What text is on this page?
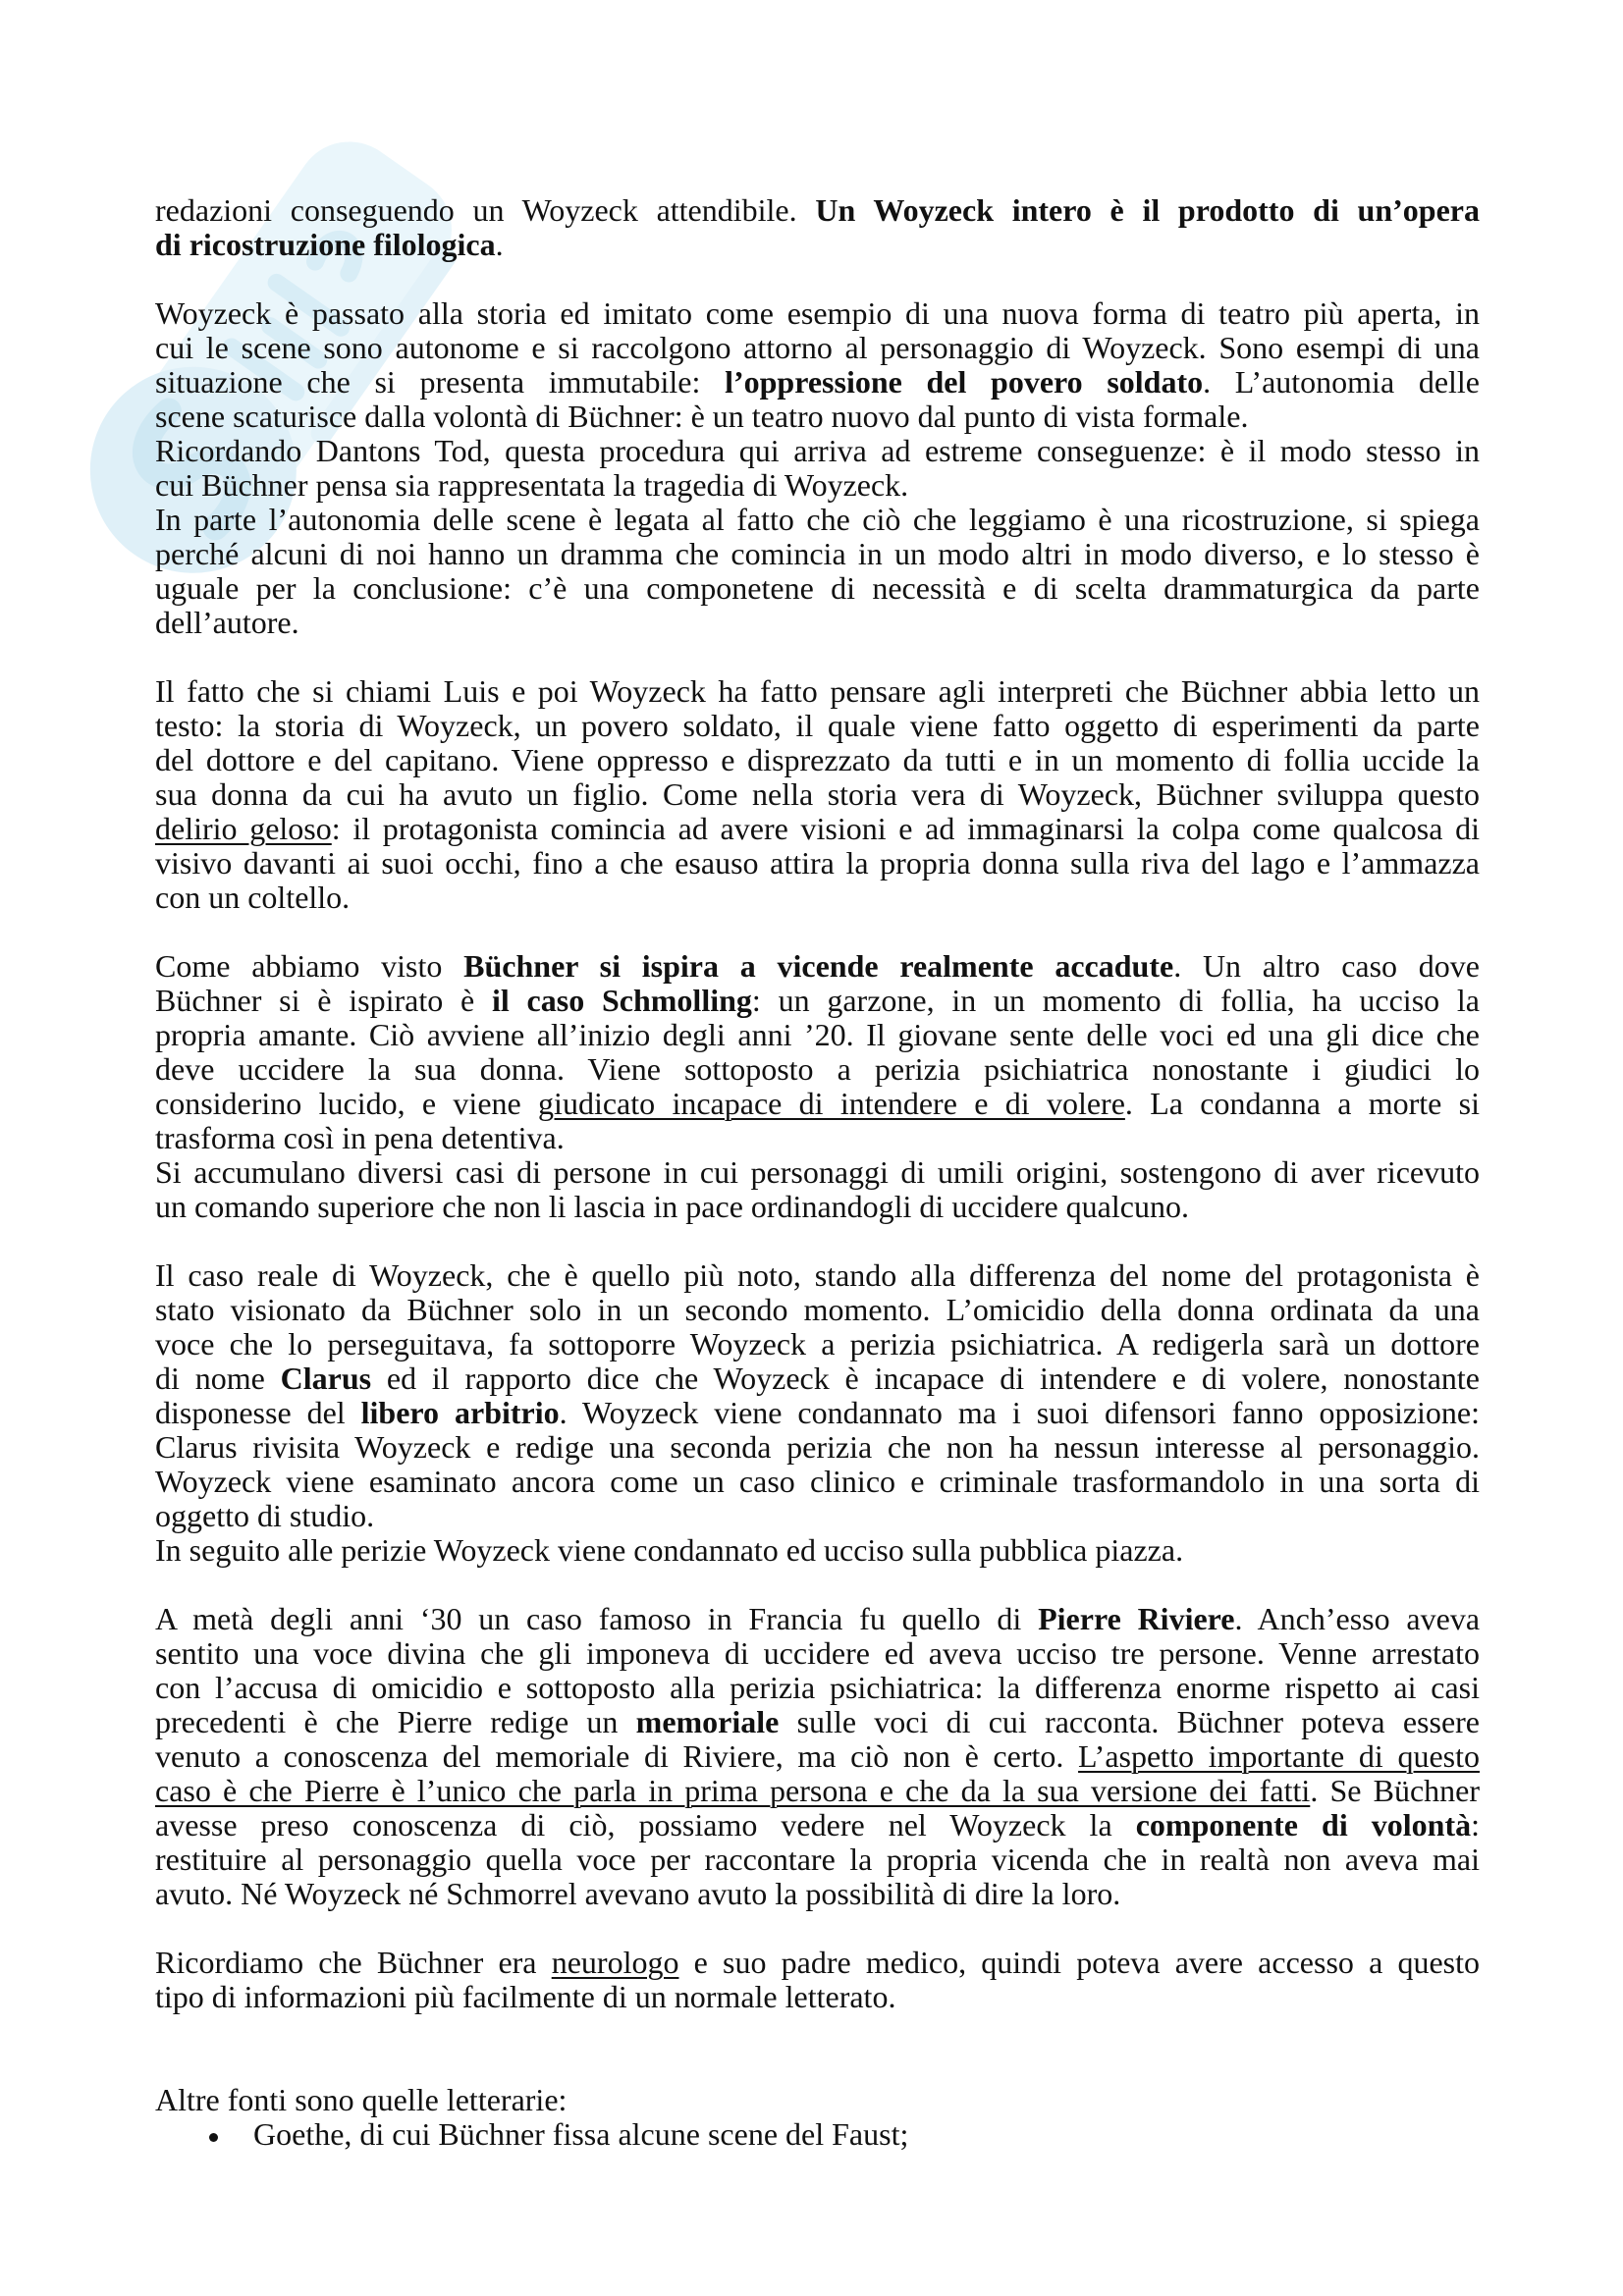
redazioni conseguendo un Woyzeck attendibile. Un Woyzeck intero è il prodotto di un’opera
di ricostruzione filologica.
Woyzeck è passato alla storia ed imitato come esempio di una nuova forma di teatro più aperta, in
cui le scene sono autonome e si raccolgono attorno al personaggio di Woyzeck. Sono esempi di una
situazione che si presenta immutabile: l’oppressione del povero soldato. L’autonomia delle
scene scaturisce dalla volontà di Büchner: è un teatro nuovo dal punto di vista formale.
Ricordando Dantons Tod, questa procedura qui arriva ad estreme conseguenze: è il modo stesso in
cui Büchner pensa sia rappresentata la tragedia di Woyzeck.
In parte l’autonomia delle scene è legata al fatto che ciò che leggiamo è una ricostruzione, si spiega
perché alcuni di noi hanno un dramma che comincia in un modo altri in modo diverso, e lo stesso è
uguale per la conclusione: c’è una componetene di necessità e di scelta drammaturgica da parte
dell’autore.
Il fatto che si chiami Luis e poi Woyzeck ha fatto pensare agli interpreti che Büchner abbia letto un
testo: la storia di Woyzeck, un povero soldato, il quale viene fatto oggetto di esperimenti da parte
del dottore e del capitano. Viene oppresso e disprezzato da tutti e in un momento di follia uccide la
sua donna da cui ha avuto un figlio. Come nella storia vera di Woyzeck, Büchner sviluppa questo
delirio geloso: il protagonista comincia ad avere visioni e ad immaginarsi la colpa come qualcosa di
visivo davanti ai suoi occhi, fino a che esauso attira la propria donna sulla riva del lago e l’ammazza
con un coltello.
Come abbiamo visto Büchner si ispira a vicende realmente accadute. Un altro caso dove
Büchner si è ispirato è il caso Schmolling: un garzone, in un momento di follia, ha ucciso la
propria amante. Ciò avviene all’inizio degli anni ’20. Il giovane sente delle voci ed una gli dice che
deve uccidere la sua donna. Viene sottoposto a perizia psichiatrica nonostante i giudici lo
considerino lucido, e viene giudicato incapace di intendere e di volere. La condanna a morte si
trasforma così in pena detentiva.
Si accumulano diversi casi di persone in cui personaggi di umili origini, sostengono di aver ricevuto
un comando superiore che non li lascia in pace ordinandogli di uccidere qualcuno.
Il caso reale di Woyzeck, che è quello più noto, stando alla differenza del nome del protagonista è
stato visionato da Büchner solo in un secondo momento. L’omicidio della donna ordinata da una
voce che lo perseguitava, fa sottoporre Woyzeck a perizia psichiatrica. A redigerla sarà un dottore
di nome Clarus ed il rapporto dice che Woyzeck è incapace di intendere e di volere, nonostante
disponesse del libero arbitrio. Woyzeck viene condannato ma i suoi difensori fanno opposizione:
Clarus rivisita Woyzeck e redige una seconda perizia che non ha nessun interesse al personaggio.
Woyzeck viene esaminato ancora come un caso clinico e criminale trasformandolo in una sorta di
oggetto di studio.
In seguito alle perizie Woyzeck viene condannato ed ucciso sulla pubblica piazza.
A metà degli anni ‘30 un caso famoso in Francia fu quello di Pierre Riviere. Anch’esso aveva
sentito una voce divina che gli imponeva di uccidere ed aveva ucciso tre persone. Venne arrestato
con l’accusa di omicidio e sottoposto alla perizia psichiatrica: la differenza enorme rispetto ai casi
precedenti è che Pierre redige un memoriale sulle voci di cui racconta. Büchner poteva essere
venuto a conoscenza del memoriale di Riviere, ma ciò non è certo. L’aspetto importante di questo
caso è che Pierre è l’unico che parla in prima persona e che da la sua versione dei fatti. Se Büchner
avesse preso conoscenza di ciò, possiamo vedere nel Woyzeck la componente di volontà:
restituire al personaggio quella voce per raccontare la propria vicenda che in realtà non aveva mai
avuto. Né Woyzeck né Schmorrel avevano avuto la possibilità di dire la loro.
Ricordiamo che Büchner era neurologo e suo padre medico, quindi poteva avere accesso a questo
tipo di informazioni più facilmente di un normale letterato.
Altre fonti sono quelle letterarie:
Goethe, di cui Büchner fissa alcune scene del Faust;
